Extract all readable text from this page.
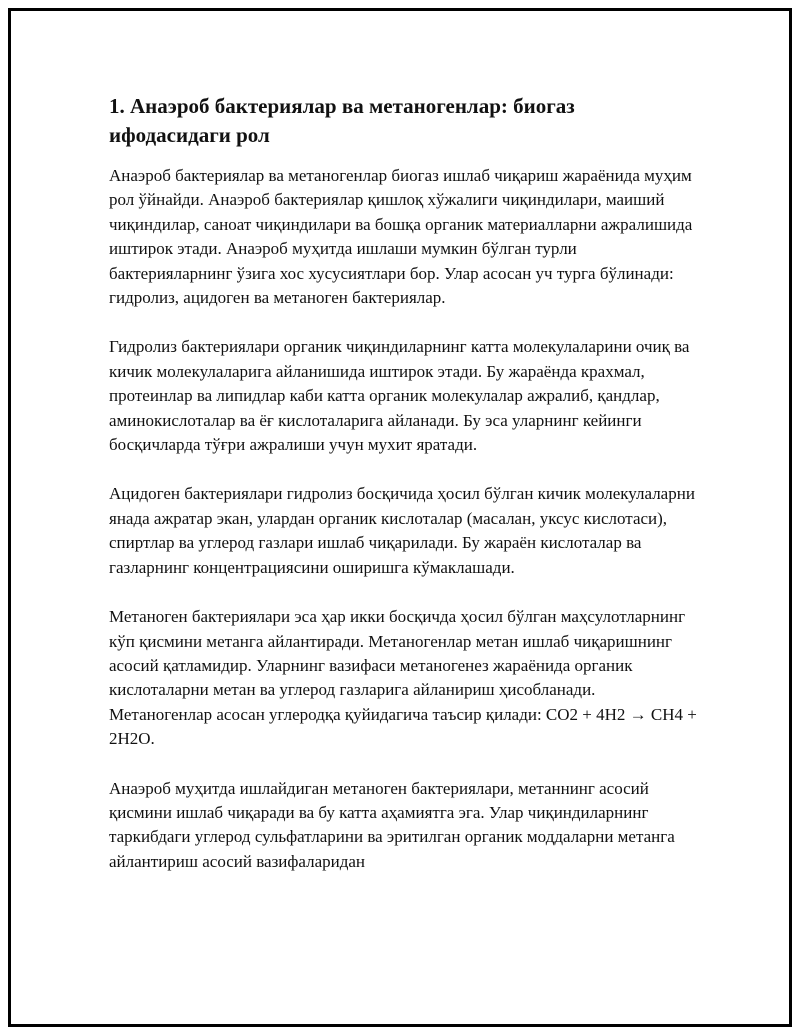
1. Анаэроб бактериялар ва метаногенлар: биогаз ифодасидаги рол

Анаэроб бактериялар ва метаногенлар биогаз ишлаб чиқариш жараёнида муҳим рол ўйнайди. Анаэроб бактериялар қишлоқ хўжалиги чиқиндилари, маиший чиқиндилар, саноат чиқиндилари ва бошқа органик материалларни ажралишида иштирок этади. Анаэроб муҳитда ишлаши мумкин бўлган турли бактерияларнинг ўзига хос хусусиятлари бор. Улар асосан уч турга бўлинади: гидролиз, ацидоген ва метаноген бактериялар.

Гидролиз бактериялари органик чиқиндиларнинг катта молекулаларини очиқ ва кичик молекулаларига айланишида иштирок этади. Бу жараёнда крахмал, протеинлар ва липидлар каби катта органик молекулалар ажралиб, қандлар, аминокислоталар ва ёғ кислоталарига айланади. Бу эса уларнинг кейинги босқичларда тўғри ажралиши учун мухит яратади.

Ацидоген бактериялари гидролиз босқичида ҳосил бўлган кичик молекулаларни янада ажратар экан, улардан органик кислоталар (масалан, уксус кислотаси), спиртлар ва углерод газлари ишлаб чиқарилади. Бу жараён кислоталар ва газларнинг концентрациясини оширишга кўмаклашади.

Метаноген бактериялари эса ҳар икки босқичда ҳосил бўлган маҳсулотларнинг кўп қисмини метанга айлантиради. Метаногенлар метан ишлаб чиқаришнинг асосий қатламидир. Уларнинг вазифаси метаногенез жараёнида органик кислоталарни метан ва углерод газларига айланириш ҳисобланади. Метаногенлар асосан углеродқа қуйидагича таъсир қилади: CO2 + 4H2 → CH4 + 2H2O.

Анаэроб муҳитда ишлайдиган метаноген бактериялари, метаннинг асосий қисмини ишлаб чиқаради ва бу катта аҳамиятга эга. Улар чиқиндиларнинг таркибдаги углерод сульфатларини ва эритилган органик моддаларни метанга айлантириш асосий вазифаларидан
